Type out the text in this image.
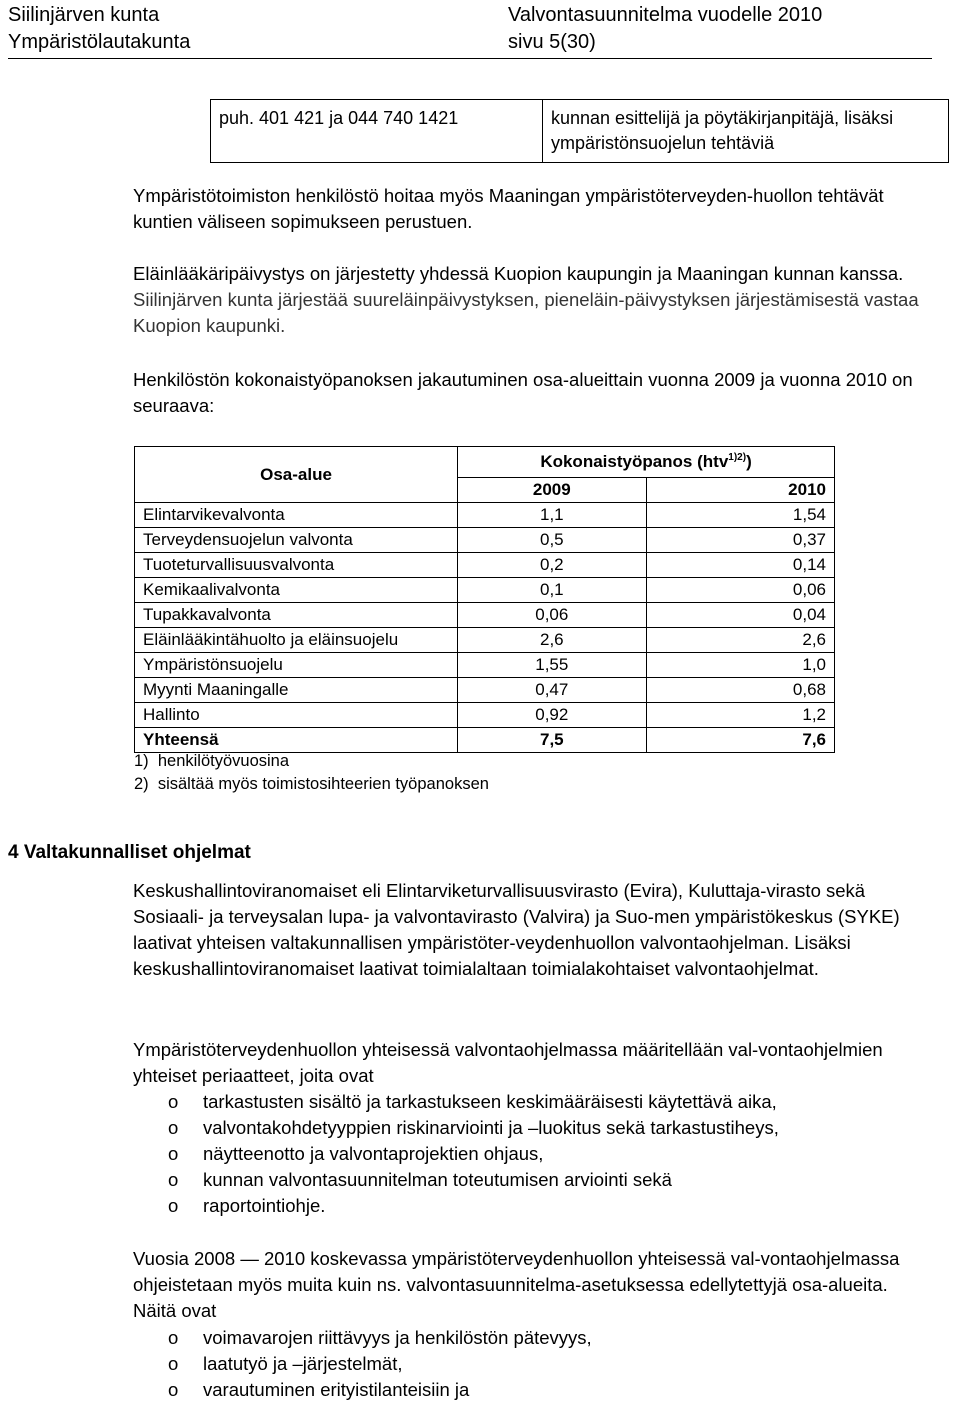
Siilinjärven kunta
Ympäristölautakunta
Valvontasuunnitelma vuodelle 2010
sivu 5(30)
puh. 401 421 ja 044 740 1421	kunnan esittelijä ja pöytäkirjanpitäjä, lisäksi ympäristönsuojelun tehtäviä

Ympäristötoimiston henkilöstö hoitaa myös Maaningan ympäristöterveyden-huollon tehtävät kuntien väliseen sopimukseen perustuen.

Eläinlääkäripäivystys on järjestetty yhdessä Kuopion kaupungin ja Maaningan kunnan kanssa. Siilinjärven kunta järjestää suureläinpäivystyksen, pieneläin-päivystyksen järjestämisestä vastaa Kuopion kaupunki.

Henkilöstön kokonaistyöpanoksen jakautuminen osa-alueittain vuonna 2009 ja vuonna 2010 on seuraava:

Osa-alue	Kokonaistyöpanos (htv$^{1)2)}$)	
	2009	2010
Elintarvikevalvonta	1,1	1,54
Terveydensuojelun valvonta	0,5	0,37
Tuoteturvallisuusvalvonta	0,2	0,14
Kemikaalivalvonta	0,1	0,06
Tupakkavalvonta	0,06	0,04
Eläinlääkintähuolto ja eläinsuojelu	2,6	2,6
Ympäristönsuojelu	1,55	1,0
Myynti Maaningalle	0,47	0,68
Hallinto	0,92	1,2
Yhteensä	7,5	7,6
1)  henkilötyövuosina
2)  sisältää myös toimistosihteerien työpanoksen
4 Valtakunnalliset ohjelmat

Keskushallintoviranomaiset eli Elintarviketurvallisuusvirasto (Evira), Kuluttaja-virasto sekä Sosiaali- ja terveysalan lupa- ja valvontavirasto (Valvira) ja Suo-men ympäristökeskus (SYKE) laativat yhteisen valtakunnallisen ympäristöter-veydenhuollon valvontaohjelman. Lisäksi keskushallintoviranomaiset laativat toimialaltaan toimialakohtaiset valvontaohjelmat.

Ympäristöterveydenhuollon yhteisessä valvontaohjelmassa määritellään val-vontaohjelmien yhteiset periaatteet, joita ovat

o tarkastusten sisältö ja tarkastukseen keskimääräisesti käytettävä aika,
o valvontakohdetyyppien riskinarviointi ja –luokitus sekä tarkastustiheys,
o näytteenotto ja valvontaprojektien ohjaus,
o kunnan valvontasuunnitelman toteutumisen arviointi sekä
o raportointiohje.

Vuosia 2008 — 2010 koskevassa ympäristöterveydenhuollon yhteisessä val-vontaohjelmassa ohjeistetaan myös muita kuin ns. valvontasuunnitelma-asetuksessa edellytettyjä osa-alueita. Näitä ovat

o voimavarojen riittävyys ja henkilöstön pätevyys,
o laatutyö ja –järjestelmät,
o varautuminen erityistilanteisiin ja
